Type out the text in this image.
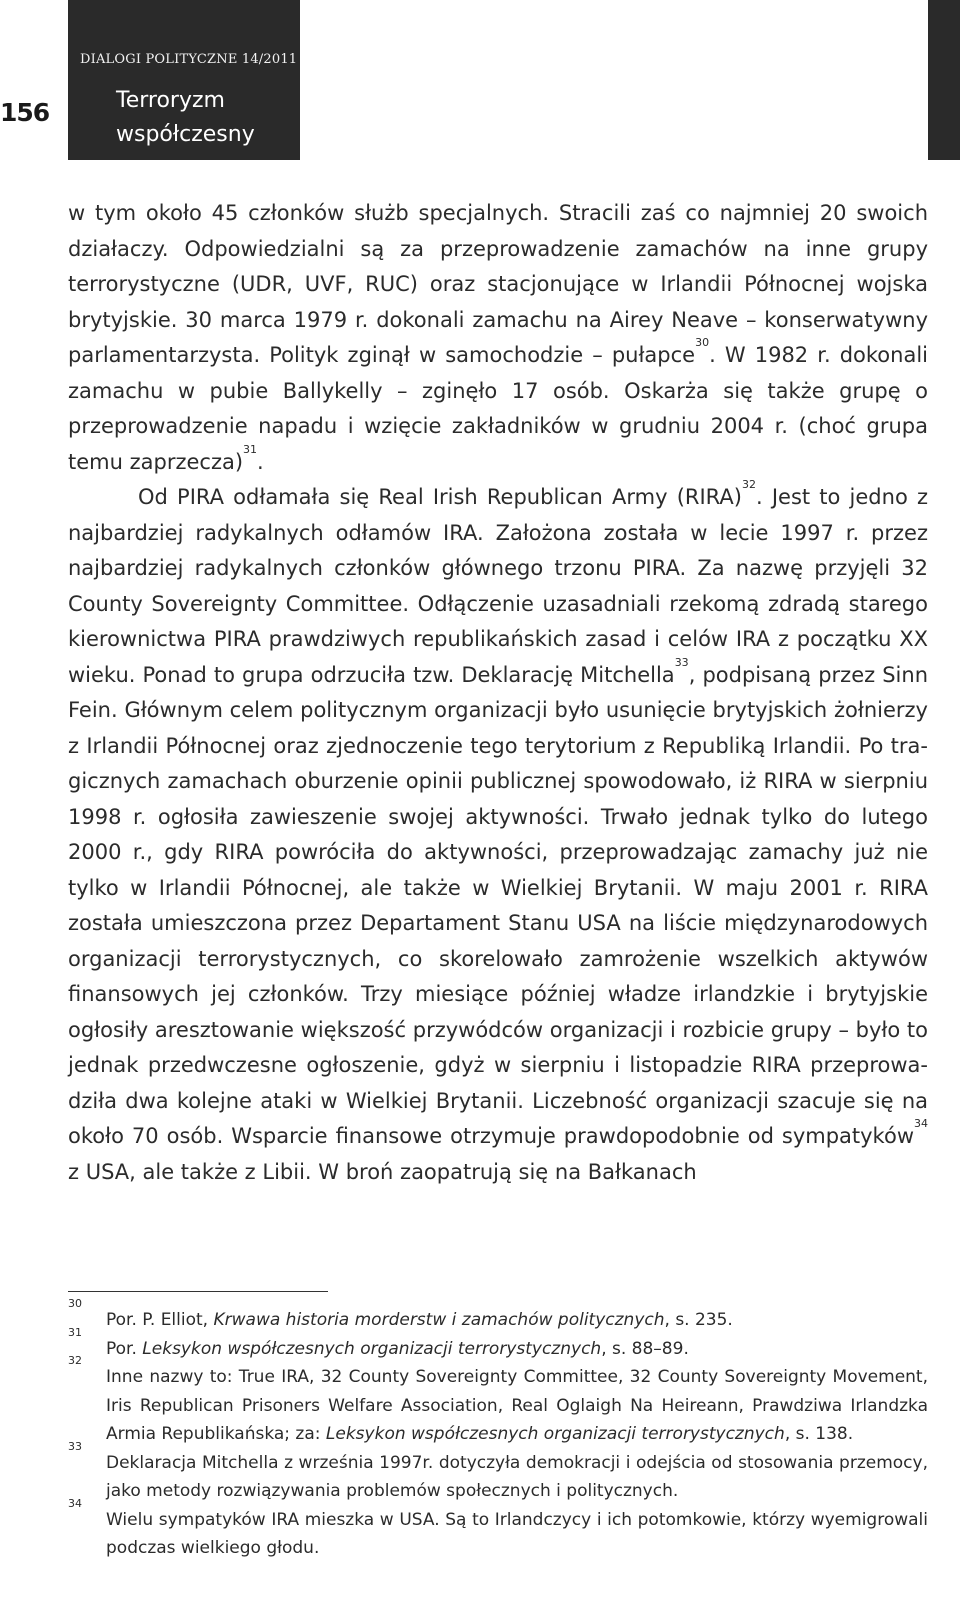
156
DIALOGI POLITYCZNE 14/2011
Terroryzm współczesny

w tym około 45 członków służb specjalnych. Stracili zaś co najmniej 20 swoich działaczy. Odpowiedzialni są za przeprowadzenie zamachów na inne grupy terrorystyczne (UDR, UVF, RUC) oraz stacjonujące w Irlandii Północnej wojska brytyjskie. 30 marca 1979 r. dokonali zamachu na Airey Neave – konserwatywny parlamentarzysta. Polityk zginął w samochodzie – pułapce$^{30}$. W 1982 r. dokonali zamachu w pubie Ballykelly – zginęło 17 osób. Oskarża się także grupę o przeprowadzenie napadu i wzięcie zakładników w grudniu 2004 r. (choć grupa temu zaprzecza)$^{31}$.

Od PIRA odłamała się Real Irish Republican Army (RIRA)$^{32}$. Jest to jedno z najbardziej radykalnych odłamów IRA. Założona została w lecie 1997 r. przez najbardziej radykalnych członków głównego trzonu PIRA. Za nazwę przyjęli 32 County Sovereignty Committee. Odłączenie uzasadniali rzekomą zdradą starego kierownictwa PIRA prawdziwych republikańskich zasad i celów IRA z początku XX wieku. Ponad to grupa odrzuciła tzw. Deklarację Mitchella$^{33}$, podpisaną przez Sinn Fein. Głównym celem politycznym organizacji było usunięcie brytyjskich żołnierzy z Irlandii Północnej oraz zjednoczenie tego terytorium z Republiką Irlandii. Po tragicznych zamachach oburzenie opinii publicznej spowodowało, iż RIRA w sierpniu 1998 r. ogłosiła zawieszenie swojej aktywności. Trwało jednak tylko do lutego 2000 r., gdy RIRA powróciła do aktywności, przeprowadzając zamachy już nie tylko w Irlandii Północnej, ale także w Wielkiej Brytanii. W maju 2001 r. RIRA została umieszczona przez Departament Stanu USA na liście międzynarodowych organizacji terrorystycznych, co skorelowało zamrożenie wszelkich aktywów finansowych jej członków. Trzy miesiące później władze irlandzkie i brytyjskie ogłosiły aresztowanie większość przywódców organizacji i rozbicie grupy – było to jednak przedwczesne ogłoszenie, gdyż w sierpniu i listopadzie RIRA przeprowadziła dwa kolejne ataki w Wielkiej Brytanii. Liczebność organizacji szacuje się na około 70 osób. Wsparcie finansowe otrzymuje prawdopodobnie od sympatyków$^{34}$ z USA, ale także z Libii. W broń zaopatrują się na Bałkanach

30
Por. P. Elliot, Krwawa historia morderstw i zamachów politycznych, s. 235.
31
Por. Leksykon współczesnych organizacji terrorystycznych, s. 88–89.
32
Inne nazwy to: True IRA, 32 County Sovereignty Committee, 32 County Sovereignty Movement, Iris Republican Prisoners Welfare Association, Real Oglaigh Na Heireann, Prawdziwa Irlandzka Armia Republikańska; za: Leksykon współczesnych organizacji terrorystycznych, s. 138.
33
Deklaracja Mitchella z września 1997r. dotyczyła demokracji i odejścia od stosowania przemocy, jako metody rozwiązywania problemów społecznych i politycznych.
34
Wielu sympatyków IRA mieszka w USA. Są to Irlandczycy i ich potomkowie, którzy wyemigrowali podczas wielkiego głodu.
